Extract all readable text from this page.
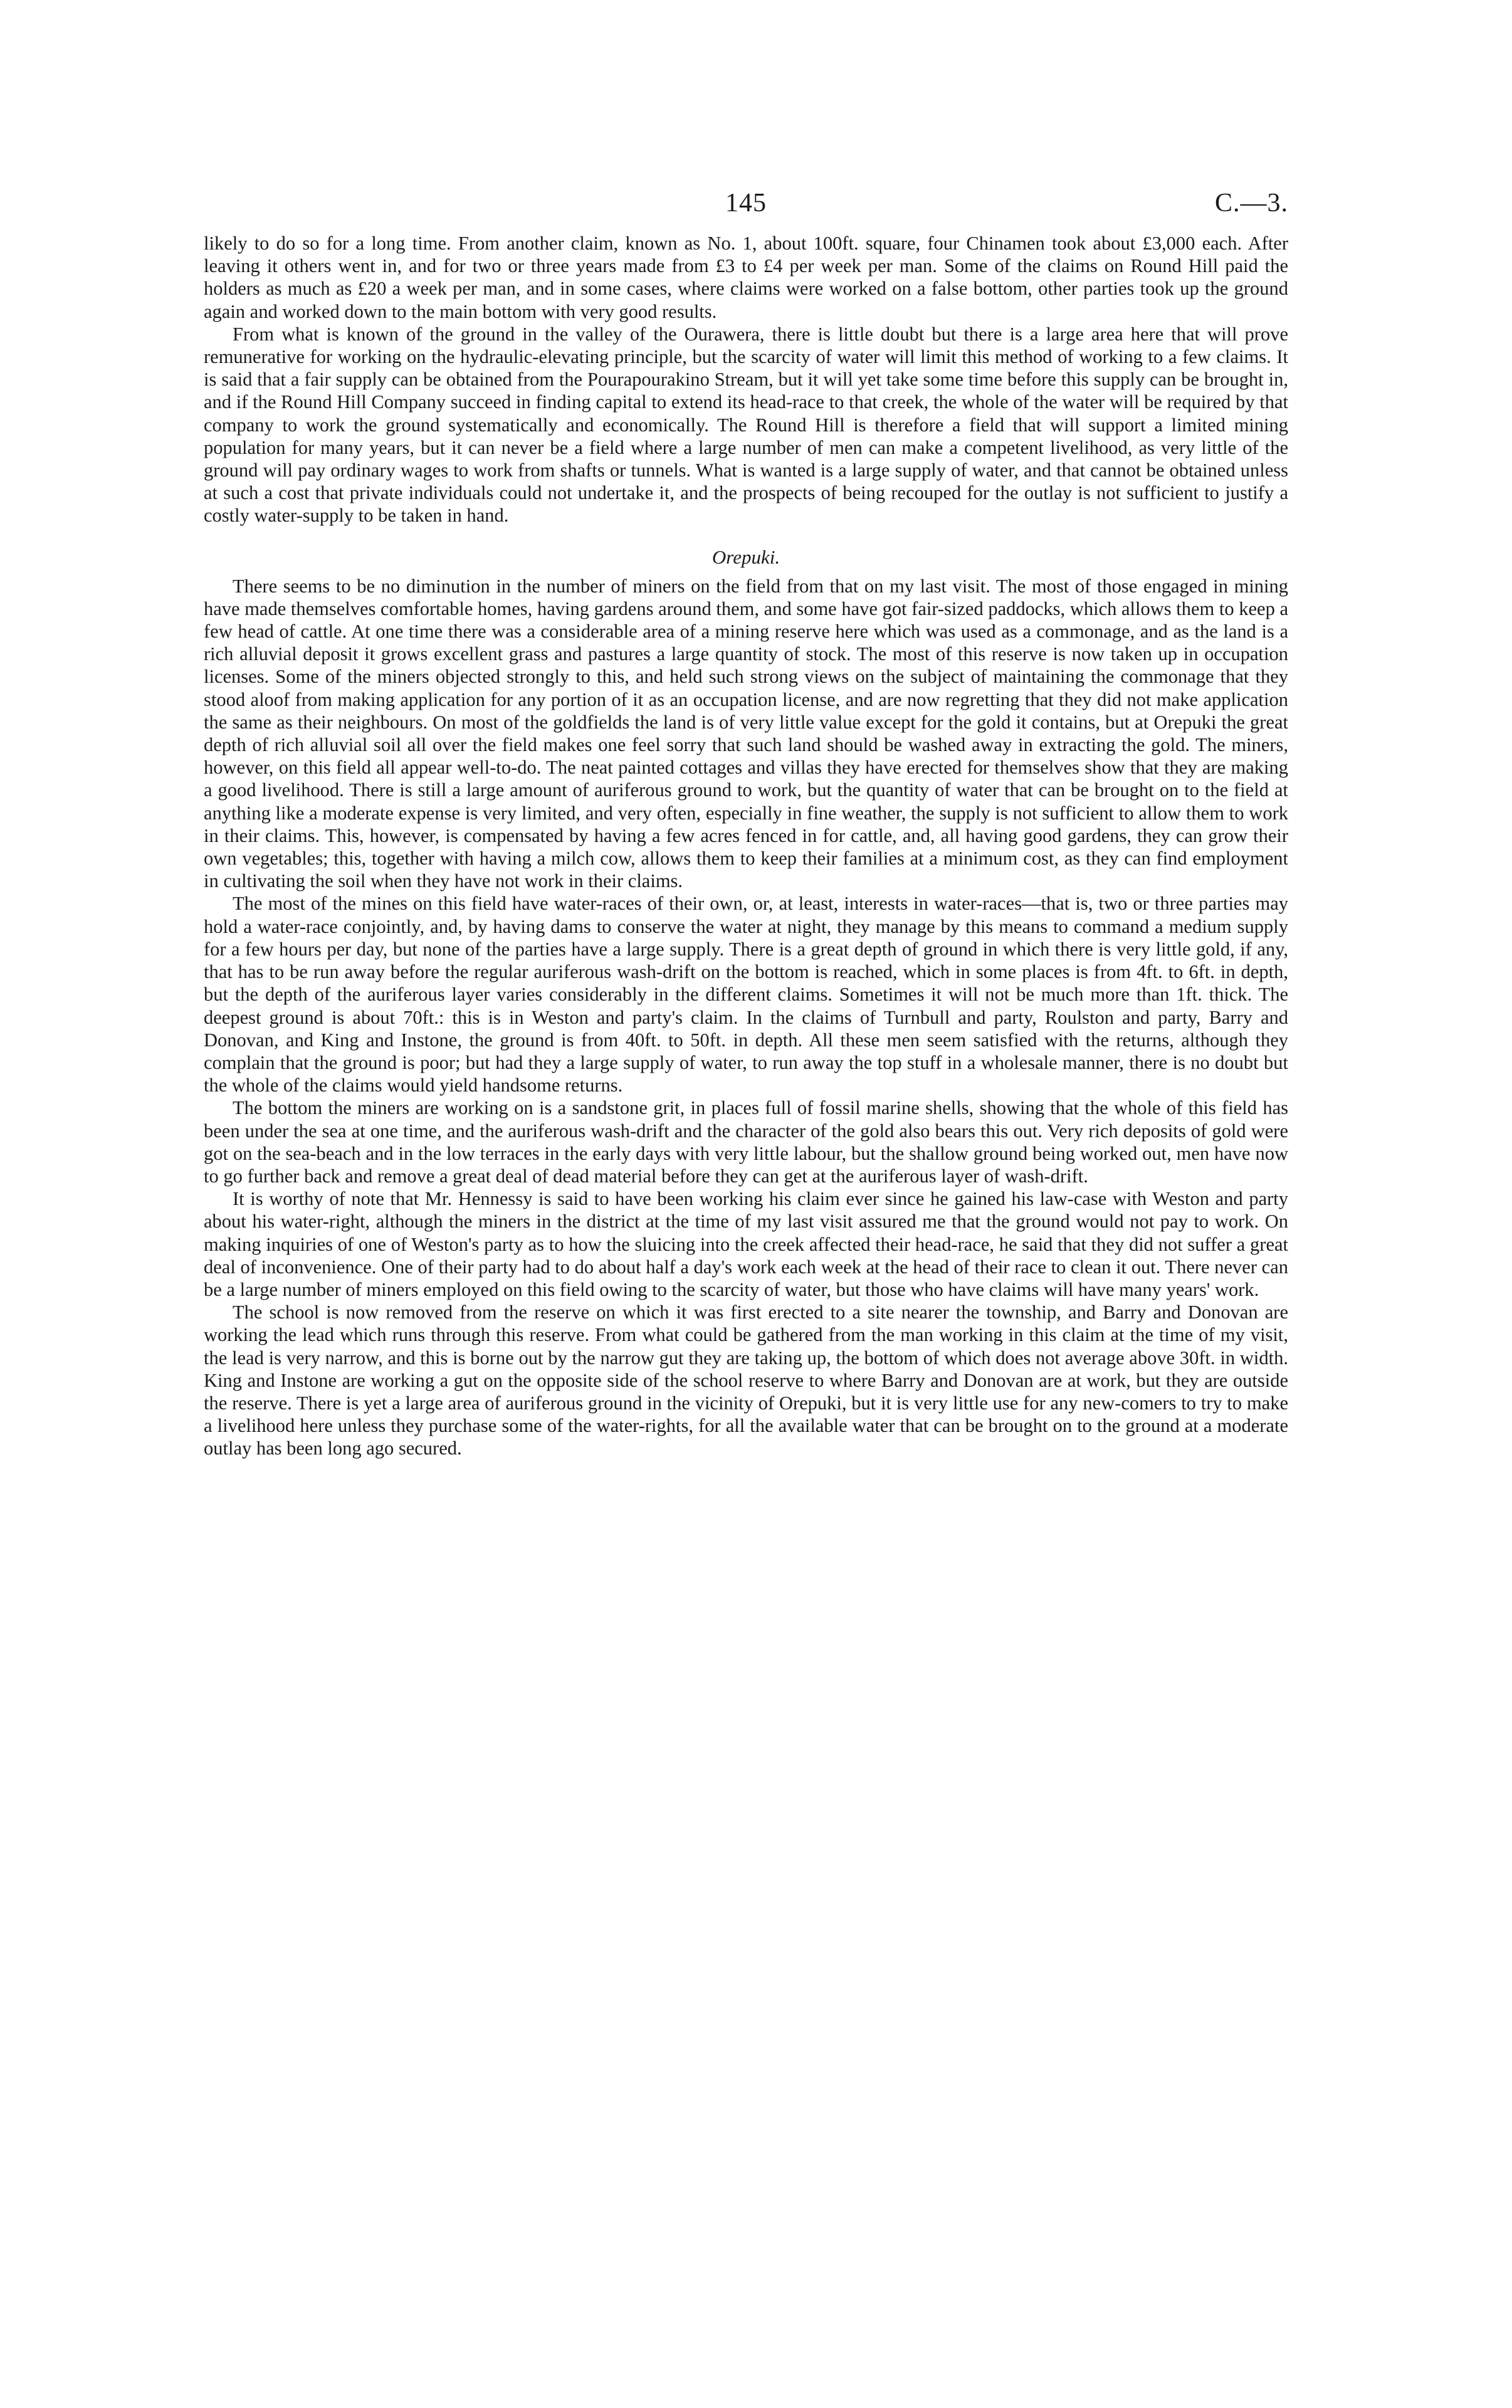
145	C.—3.

likely to do so for a long time. From another claim, known as No. 1, about 100ft. square, four Chinamen took about £3,000 each. After leaving it others went in, and for two or three years made from £3 to £4 per week per man. Some of the claims on Round Hill paid the holders as much as £20 a week per man, and in some cases, where claims were worked on a false bottom, other parties took up the ground again and worked down to the main bottom with very good results.

From what is known of the ground in the valley of the Ourawera, there is little doubt but there is a large area here that will prove remunerative for working on the hydraulic-elevating principle, but the scarcity of water will limit this method of working to a few claims. It is said that a fair supply can be obtained from the Pourapourakino Stream, but it will yet take some time before this supply can be brought in, and if the Round Hill Company succeed in finding capital to extend its head-race to that creek, the whole of the water will be required by that company to work the ground systematically and economically. The Round Hill is therefore a field that will support a limited mining population for many years, but it can never be a field where a large number of men can make a competent livelihood, as very little of the ground will pay ordinary wages to work from shafts or tunnels. What is wanted is a large supply of water, and that cannot be obtained unless at such a cost that private individuals could not undertake it, and the prospects of being recouped for the outlay is not sufficient to justify a costly water-supply to be taken in hand.

Orepuki.

There seems to be no diminution in the number of miners on the field from that on my last visit. The most of those engaged in mining have made themselves comfortable homes, having gardens around them, and some have got fair-sized paddocks, which allows them to keep a few head of cattle. At one time there was a considerable area of a mining reserve here which was used as a commonage, and as the land is a rich alluvial deposit it grows excellent grass and pastures a large quantity of stock. The most of this reserve is now taken up in occupation licenses. Some of the miners objected strongly to this, and held such strong views on the subject of maintaining the commonage that they stood aloof from making application for any portion of it as an occupation license, and are now regretting that they did not make application the same as their neighbours. On most of the goldfields the land is of very little value except for the gold it contains, but at Orepuki the great depth of rich alluvial soil all over the field makes one feel sorry that such land should be washed away in extracting the gold. The miners, however, on this field all appear well-to-do. The neat painted cottages and villas they have erected for themselves show that they are making a good livelihood. There is still a large amount of auriferous ground to work, but the quantity of water that can be brought on to the field at anything like a moderate expense is very limited, and very often, especially in fine weather, the supply is not sufficient to allow them to work in their claims. This, however, is compensated by having a few acres fenced in for cattle, and, all having good gardens, they can grow their own vegetables; this, together with having a milch cow, allows them to keep their families at a minimum cost, as they can find employment in cultivating the soil when they have not work in their claims.

The most of the mines on this field have water-races of their own, or, at least, interests in water-races—that is, two or three parties may hold a water-race conjointly, and, by having dams to conserve the water at night, they manage by this means to command a medium supply for a few hours per day, but none of the parties have a large supply. There is a great depth of ground in which there is very little gold, if any, that has to be run away before the regular auriferous wash-drift on the bottom is reached, which in some places is from 4ft. to 6ft. in depth, but the depth of the auriferous layer varies considerably in the different claims. Sometimes it will not be much more than 1ft. thick. The deepest ground is about 70ft.: this is in Weston and party's claim. In the claims of Turnbull and party, Roulston and party, Barry and Donovan, and King and Instone, the ground is from 40ft. to 50ft. in depth. All these men seem satisfied with the returns, although they complain that the ground is poor; but had they a large supply of water, to run away the top stuff in a wholesale manner, there is no doubt but the whole of the claims would yield handsome returns.

The bottom the miners are working on is a sandstone grit, in places full of fossil marine shells, showing that the whole of this field has been under the sea at one time, and the auriferous wash-drift and the character of the gold also bears this out. Very rich deposits of gold were got on the sea-beach and in the low terraces in the early days with very little labour, but the shallow ground being worked out, men have now to go further back and remove a great deal of dead material before they can get at the auriferous layer of wash-drift.

It is worthy of note that Mr. Hennessy is said to have been working his claim ever since he gained his law-case with Weston and party about his water-right, although the miners in the district at the time of my last visit assured me that the ground would not pay to work. On making inquiries of one of Weston's party as to how the sluicing into the creek affected their head-race, he said that they did not suffer a great deal of inconvenience. One of their party had to do about half a day's work each week at the head of their race to clean it out. There never can be a large number of miners employed on this field owing to the scarcity of water, but those who have claims will have many years' work.

The school is now removed from the reserve on which it was first erected to a site nearer the township, and Barry and Donovan are working the lead which runs through this reserve. From what could be gathered from the man working in this claim at the time of my visit, the lead is very narrow, and this is borne out by the narrow gut they are taking up, the bottom of which does not average above 30ft. in width. King and Instone are working a gut on the opposite side of the school reserve to where Barry and Donovan are at work, but they are outside the reserve. There is yet a large area of auriferous ground in the vicinity of Orepuki, but it is very little use for any new-comers to try to make a livelihood here unless they purchase some of the water-rights, for all the available water that can be brought on to the ground at a moderate outlay has been long ago secured.
